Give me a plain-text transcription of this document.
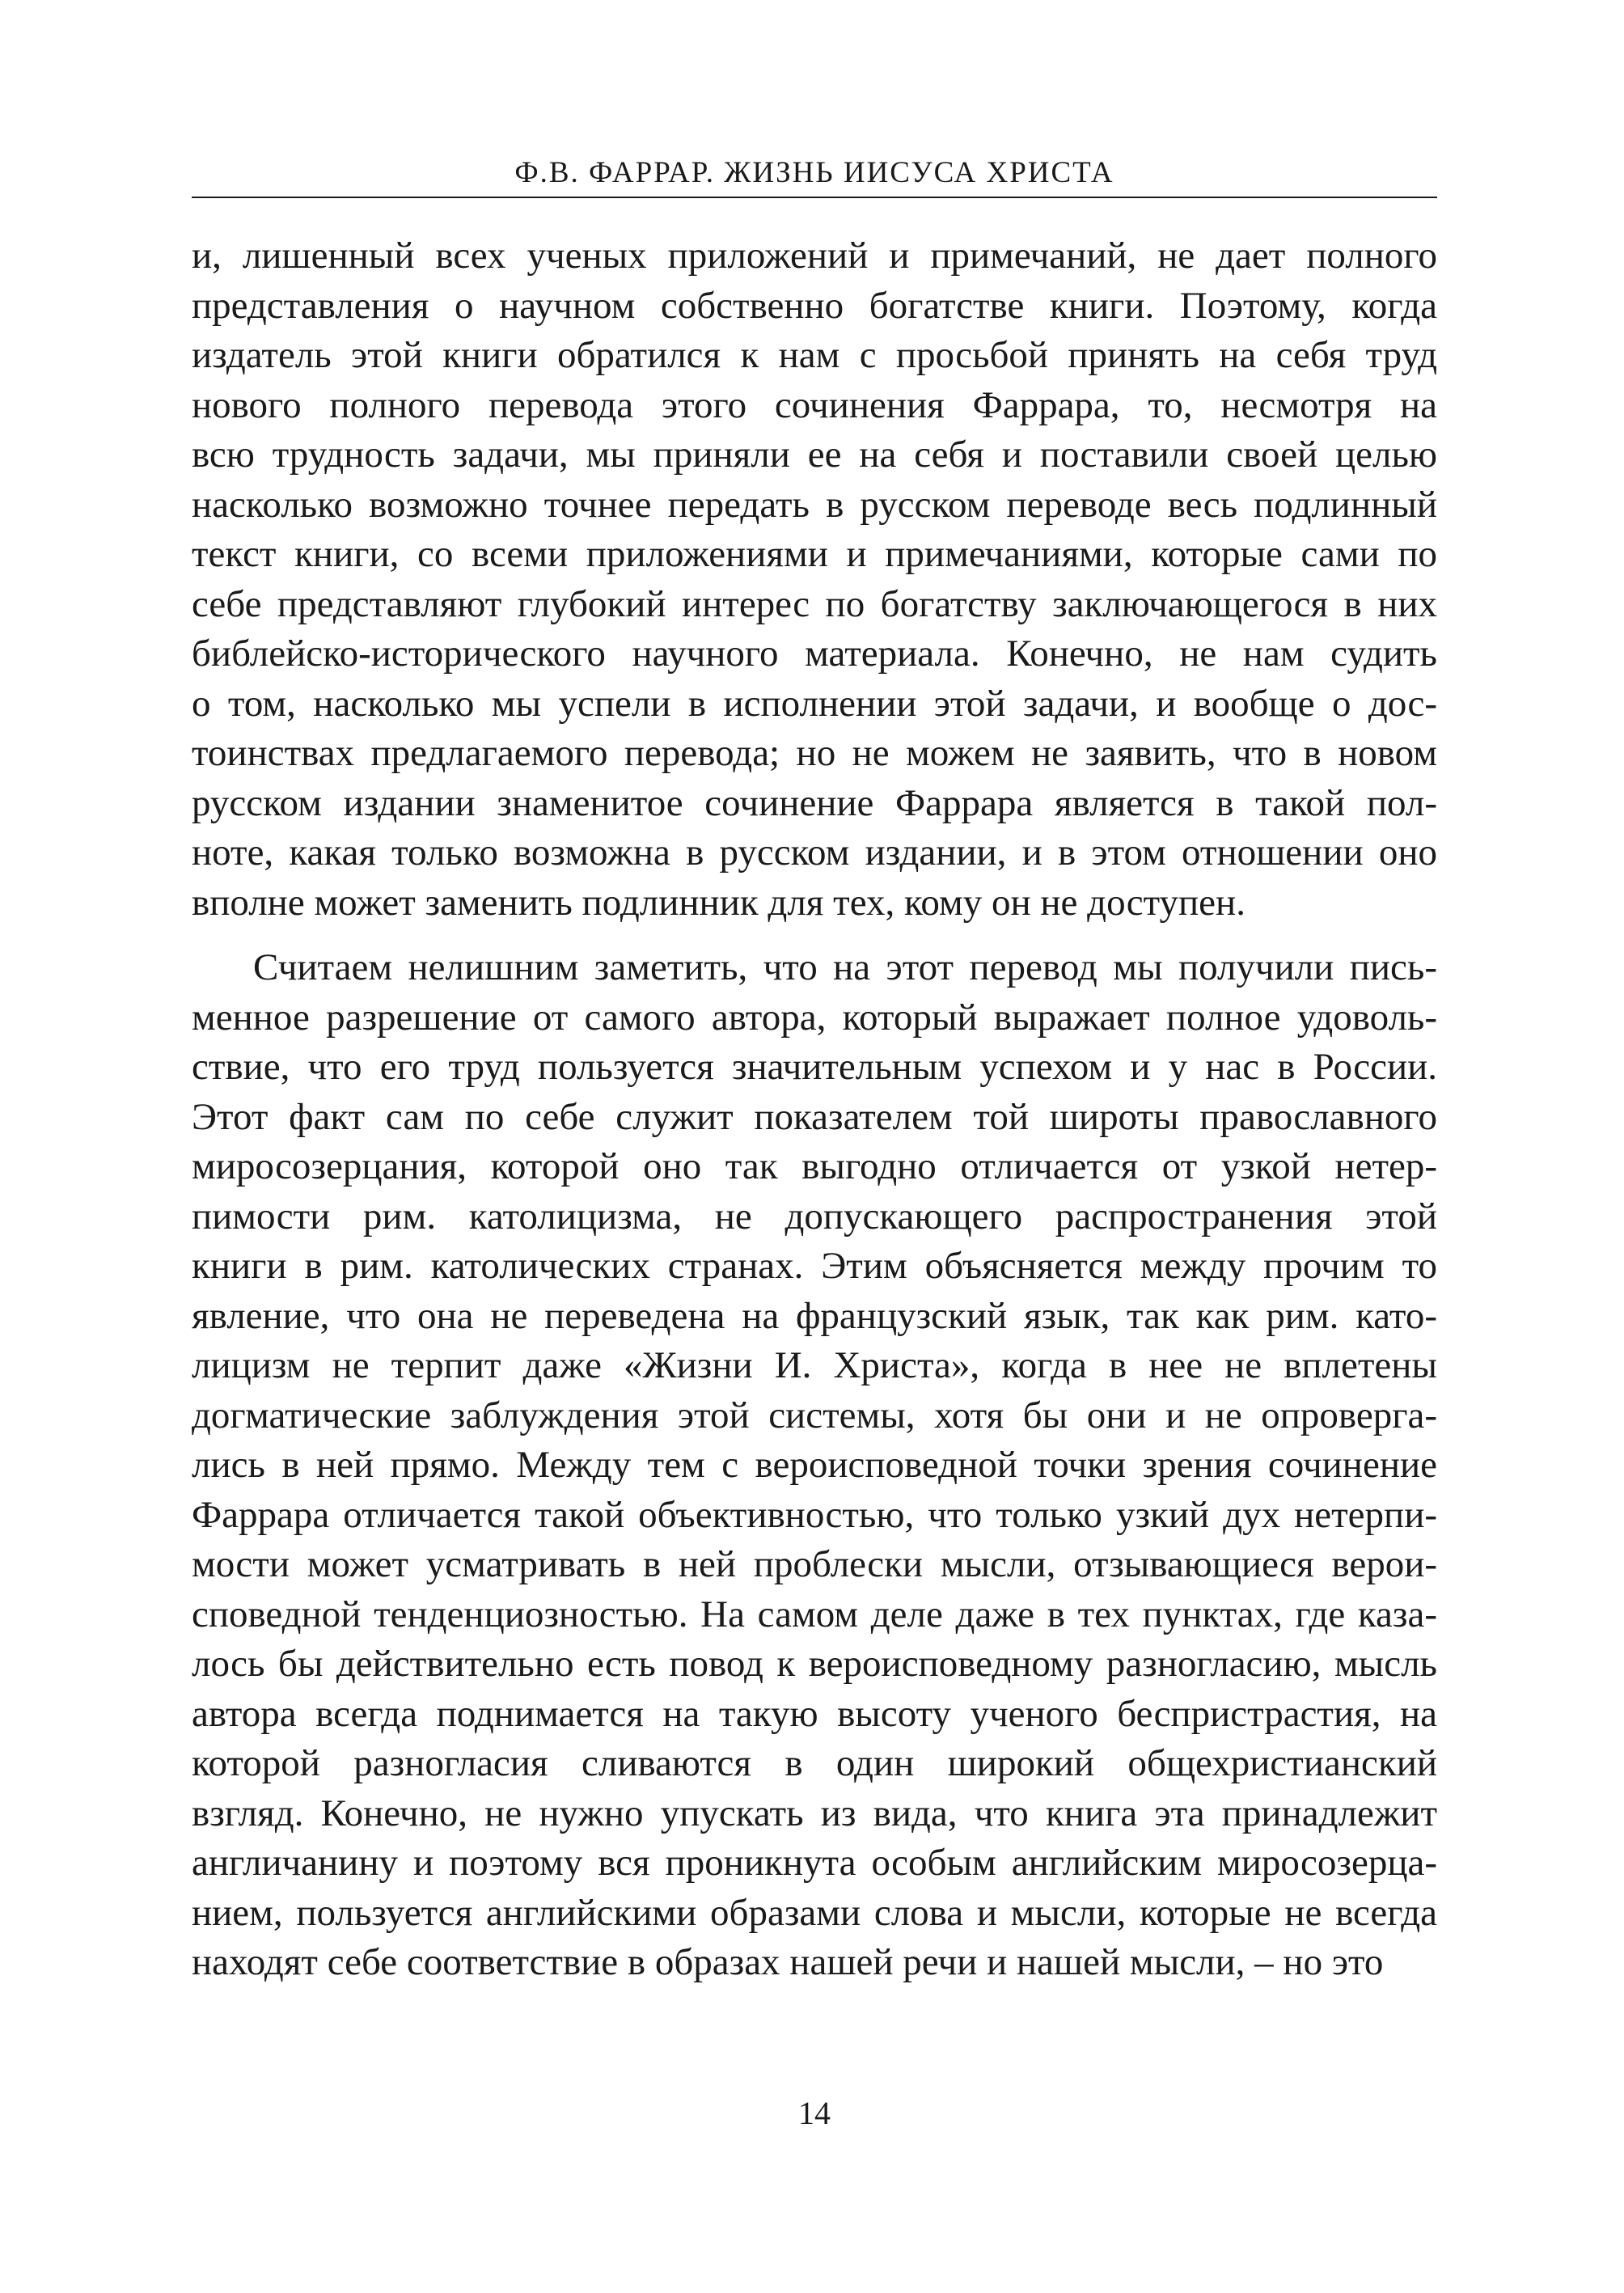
Ф.В. ФАРРАР. ЖИЗНЬ ИИСУСА ХРИСТА
и, лишенный всех ученых приложений и примечаний, не дает полного
представления о научном собственно богатстве книги. Поэтому, когда
издатель этой книги обратился к нам с просьбой принять на себя труд
нового полного перевода этого сочинения Фаррара, то, несмотря на
всю трудность задачи, мы приняли ее на себя и поставили своей целью
насколько возможно точнее передать в русском переводе весь подлинный
текст книги, со всеми приложениями и примечаниями, которые сами по
себе представляют глубокий интерес по богатству заключающегося в них
библейско-исторического научного материала. Конечно, не нам судить
о том, насколько мы успели в исполнении этой задачи, и вообще о дос-
тоинствах предлагаемого перевода; но не можем не заявить, что в новом
русском издании знаменитое сочинение Фаррара является в такой пол-
ноте, какая только возможна в русском издании, и в этом отношении оно
вполне может заменить подлинник для тех, кому он не доступен.
Считаем нелишним заметить, что на этот перевод мы получили пись-
менное разрешение от самого автора, который выражает полное удоволь-
ствие, что его труд пользуется значительным успехом и у нас в России.
Этот факт сам по себе служит показателем той широты православного
миросозерцания, которой оно так выгодно отличается от узкой нетер-
пимости рим. католицизма, не допускающего распространения этой
книги в рим. католических странах. Этим объясняется между прочим то
явление, что она не переведена на французский язык, так как рим. като-
лицизм не терпит даже «Жизни И. Христа», когда в нее не вплетены
догматические заблуждения этой системы, хотя бы они и не опроверга-
лись в ней прямо. Между тем с вероисповедной точки зрения сочинение
Фаррара отличается такой объективностью, что только узкий дух нетерпи-
мости может усматривать в ней проблески мысли, отзывающиеся верои-
споведной тенденциозностью. На самом деле даже в тех пунктах, где каза-
лось бы действительно есть повод к вероисповедному разногласию, мысль
автора всегда поднимается на такую высоту ученого беспристрастия, на
которой разногласия сливаются в один широкий общехристианский
взгляд. Конечно, не нужно упускать из вида, что книга эта принадлежит
англичанину и поэтому вся проникнута особым английским миросозерца-
нием, пользуется английскими образами слова и мысли, которые не всегда
находят себе соответствие в образах нашей речи и нашей мысли, – но это
14
